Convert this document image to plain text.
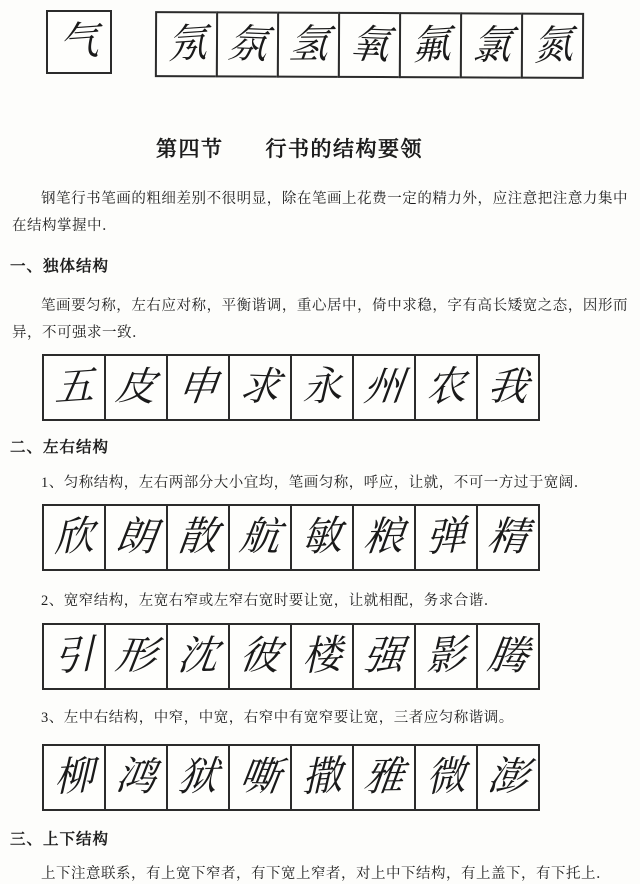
气 氖 氛 氢 氧 氟 氯 氮
第四节 行书的结构要领

钢笔行书笔画的粗细差别不很明显，除在笔画上花费一定的精力外，应注意把注意力集中在结构掌握中．

一、独体结构

笔画要匀称，左右应对称，平衡谐调，重心居中，倚中求稳，字有高长矮宽之态，因形而异，不可强求一致．

五 皮 申 求 永 州 农 我
二、左右结构

1、匀称结构，左右两部分大小宜均，笔画匀称，呼应，让就，不可一方过于宽阔．

欣 朗 散 航 敏 粮 弹 精

2、宽窄结构，左宽右窄或左窄右宽时要让宽，让就相配，务求合谐．

引 形 沈 彼 楼 强 影 腾

3、左中右结构，中窄，中宽，右窄中有宽窄要让宽，三者应匀称谐调。

柳 鸿 狱 嘶 撒 雅 微 澎
三、上下结构

上下注意联系，有上宽下窄者，有下宽上窄者，对上中下结构，有上盖下，有下托上．
